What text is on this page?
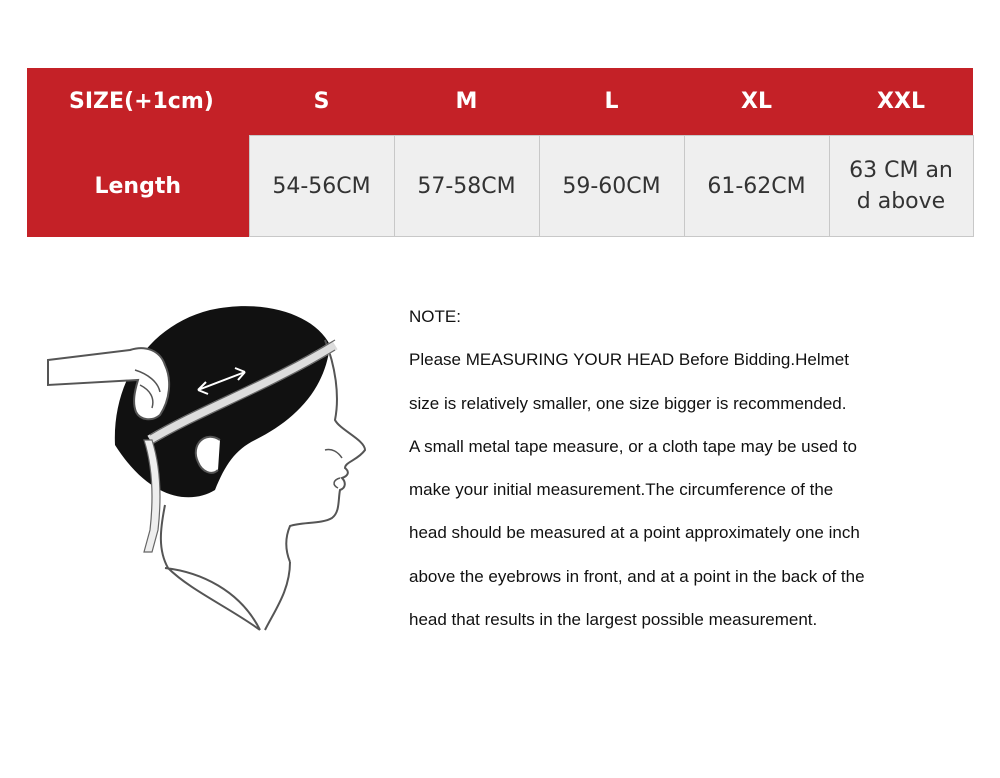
SIZE(+1cm)	S	M	L	XL	XXL
Length	54-56CM	57-58CM	59-60CM	61-62CM	63 CM and above
NOTE:
Please MEASURING YOUR HEAD Before Bidding.Helmet
size is relatively smaller, one size bigger is recommended.
A small metal tape measure, or a cloth tape may be used to
make your initial measurement.The circumference of the
head should be measured at a point approximately one inch
above the eyebrows in front, and at a point in the back of the
head that results in the largest possible measurement.
